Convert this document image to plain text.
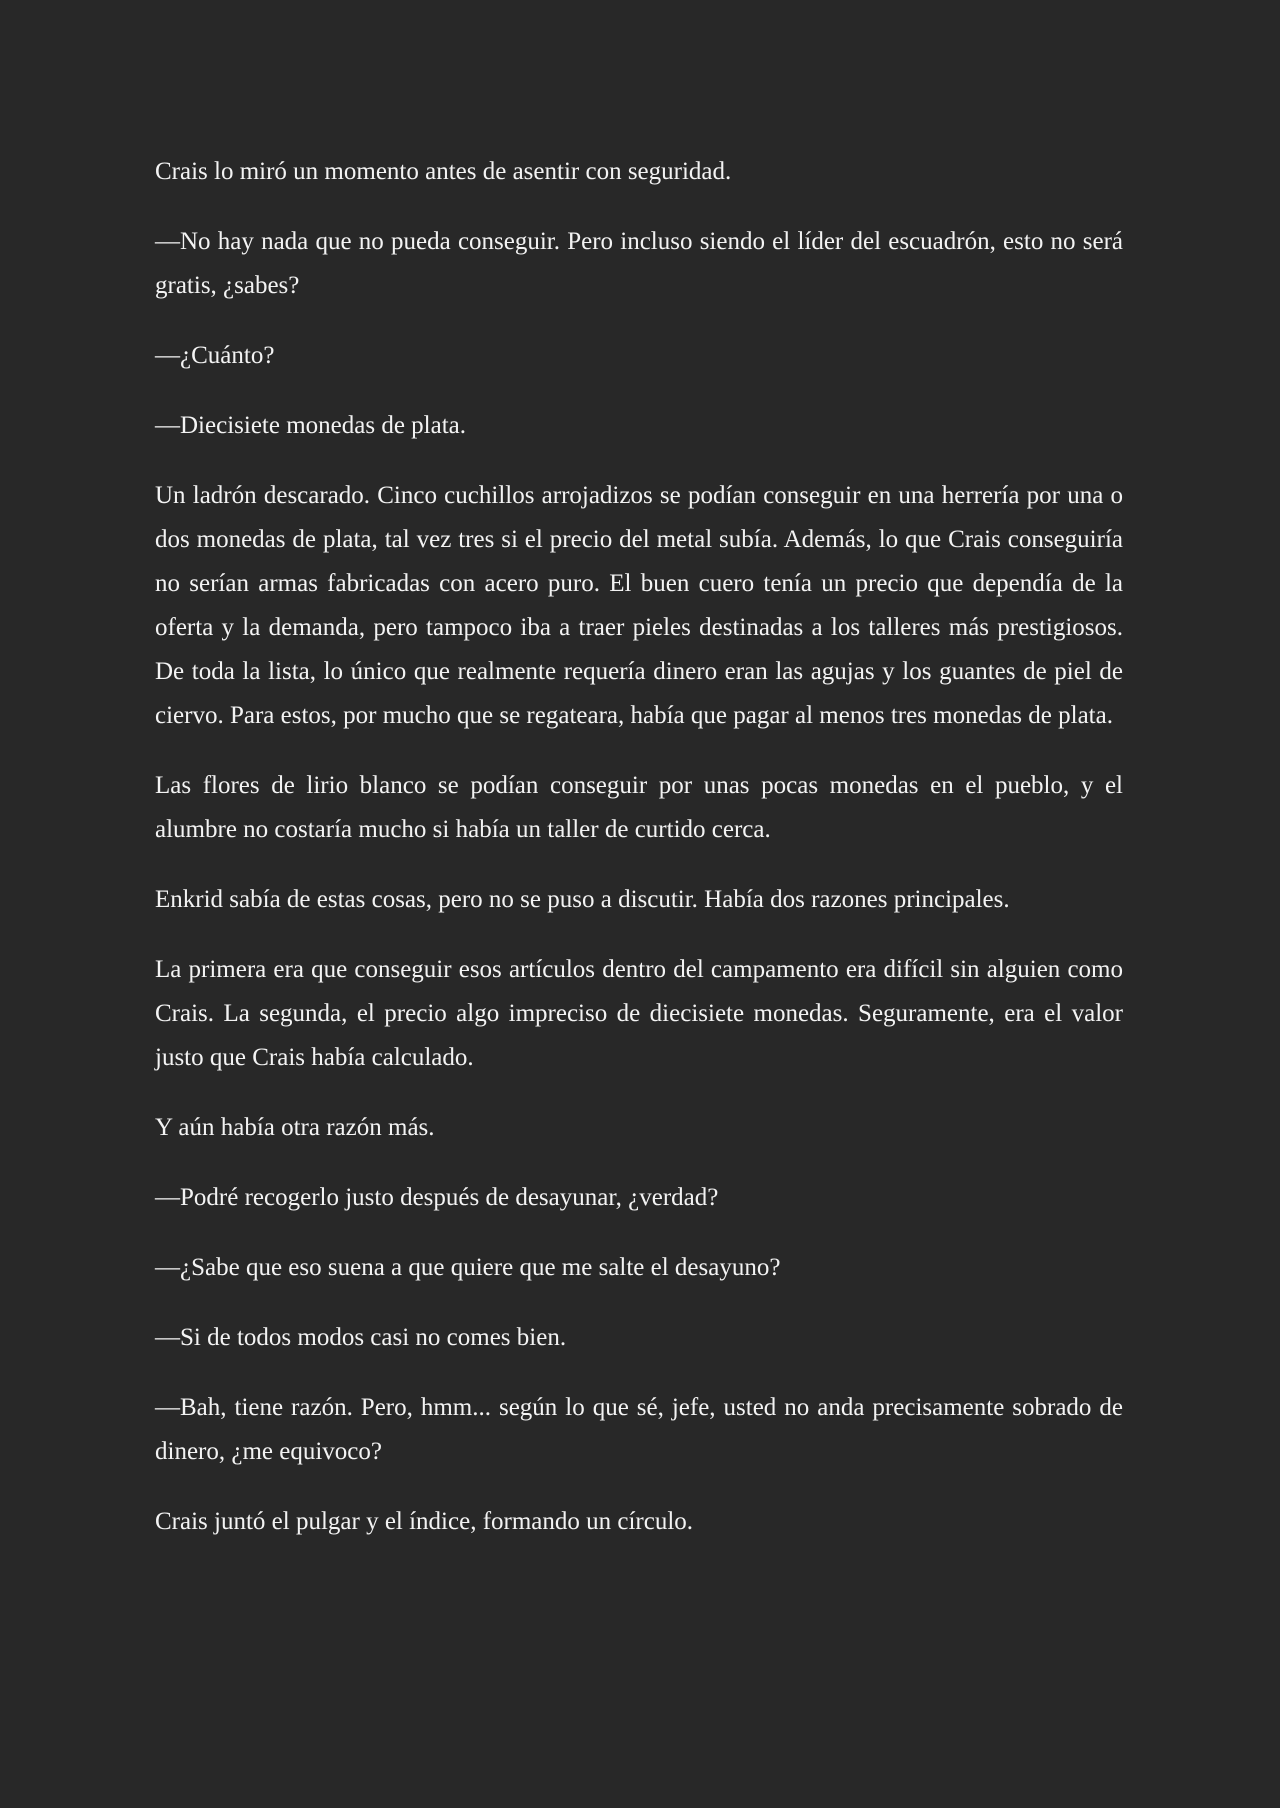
Crais lo miró un momento antes de asentir con seguridad.

—No hay nada que no pueda conseguir. Pero incluso siendo el líder del escuadrón, esto no será gratis, ¿sabes?

—¿Cuánto?

—Diecisiete monedas de plata.

Un ladrón descarado. Cinco cuchillos arrojadizos se podían conseguir en una herrería por una o dos monedas de plata, tal vez tres si el precio del metal subía. Además, lo que Crais conseguiría no serían armas fabricadas con acero puro. El buen cuero tenía un precio que dependía de la oferta y la demanda, pero tampoco iba a traer pieles destinadas a los talleres más prestigiosos. De toda la lista, lo único que realmente requería dinero eran las agujas y los guantes de piel de ciervo. Para estos, por mucho que se regateara, había que pagar al menos tres monedas de plata.

Las flores de lirio blanco se podían conseguir por unas pocas monedas en el pueblo, y el alumbre no costaría mucho si había un taller de curtido cerca.

Enkrid sabía de estas cosas, pero no se puso a discutir. Había dos razones principales.

La primera era que conseguir esos artículos dentro del campamento era difícil sin alguien como Crais. La segunda, el precio algo impreciso de diecisiete monedas. Seguramente, era el valor justo que Crais había calculado.

Y aún había otra razón más.

—Podré recogerlo justo después de desayunar, ¿verdad?

—¿Sabe que eso suena a que quiere que me salte el desayuno?

—Si de todos modos casi no comes bien.

—Bah, tiene razón. Pero, hmm... según lo que sé, jefe, usted no anda precisamente sobrado de dinero, ¿me equivoco?

Crais juntó el pulgar y el índice, formando un círculo.
